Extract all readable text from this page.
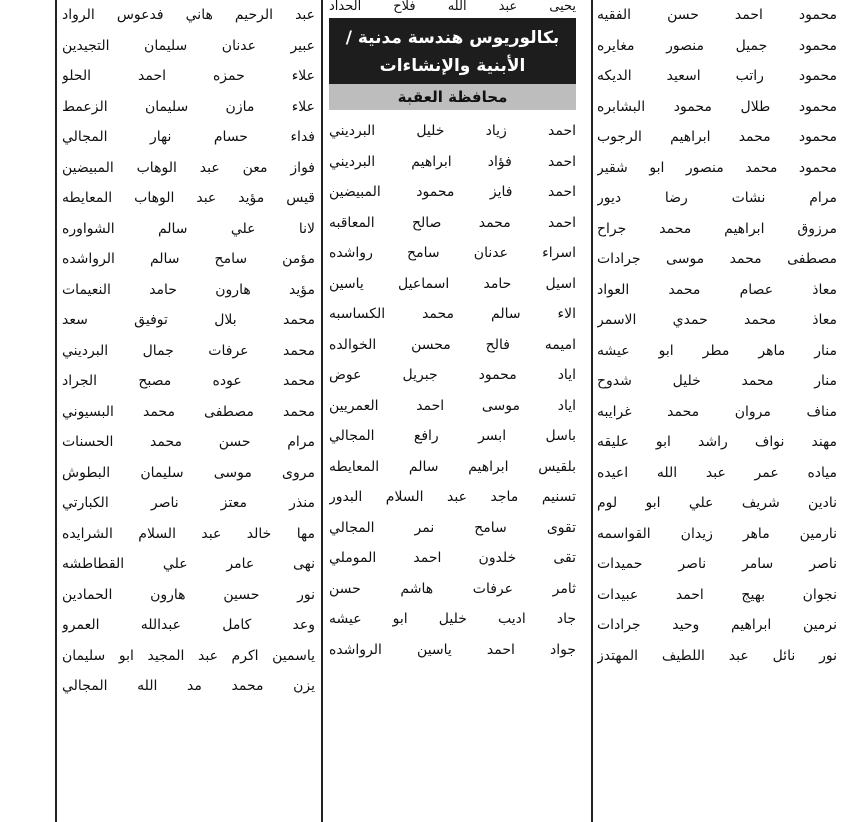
محمود احمد حسن الفقيه
محمود جميل منصور مغايره
محمود راتب اسعيد الديكه
محمود طلال محمود البشابره
محمود محمد ابراهيم الرجوب
محمود محمد منصور ابو شقير
مرام نشات رضا ديور
مرزوق ابراهيم محمد جراح
مصطفى محمد موسى جرادات
معاذ عصام محمد العواد
معاذ محمد حمدي الاسمر
منار ماهر مطر ابو عيشه
منار محمد خليل شدوح
مناف مروان محمد غرايبه
مهند نواف راشد ابو عليقه
مياده عمر عبد الله اعيده
نادين شريف علي ابو لوم
نارمين ماهر زيدان القواسمه
ناصر سامر ناصر حميدات
نجوان بهيج احمد عبيدات
نرمين ابراهيم وحيد جرادات
نور نائل عبد اللطيف المهتدز
يحيى عبد الله فلاح الحداد
بكالوريوس هندسة مدنية /
الأبنية والإنشاءات
محافظة العقبة
احمد زياد خليل البرديني
احمد فؤاد ابراهيم البرديني
احمد فايز محمود المبيضين
احمد محمد صالح المعاقبه
اسراء عدنان سامح رواشده
اسيل حامد اسماعيل ياسين
الاء سالم محمد الكساسبه
اميمه فالح محسن الخوالده
اياد محمود جبريل عوض
اياد موسى احمد العمريين
باسل ابسر رافع المجالي
بلقيس ابراهيم سالم المعايطه
تسنيم ماجد عبد السلام البدور
تقوى سامح نمر المجالي
تقى خلدون احمد الموملي
ثامر عرفات هاشم حسن
جاد اديب خليل ابو عيشه
جواد احمد ياسين الرواشده
عبد الرحيم هاني فدعوس الرواد
عبير عدنان سليمان التجيدين
علاء حمزه احمد الحلو
علاء مازن سليمان الزعمط
فداء حسام نهار المجالي
فواز معن عبد الوهاب المبيضين
قيس مؤيد عبد الوهاب المعايطه
لانا علي سالم الشواوره
مؤمن سامح سالم الرواشده
مؤيد هارون حامد النعيمات
محمد بلال توفيق سعد
محمد عرفات جمال البرديني
محمد عوده مصبح الجراد
محمد مصطفى محمد البسيوني
مرام حسن محمد الحسنات
مروى موسى سليمان البطوش
منذر معتز ناصر الكبارتي
مها خالد عبد السلام الشرايده
نهى عامر علي القطاطشه
نور حسين هارون الحمادين
وعد كامل عبدالله العمرو
ياسمين اكرم عبد المجيد ابو سليمان
يزن محمد مد الله المجالي
